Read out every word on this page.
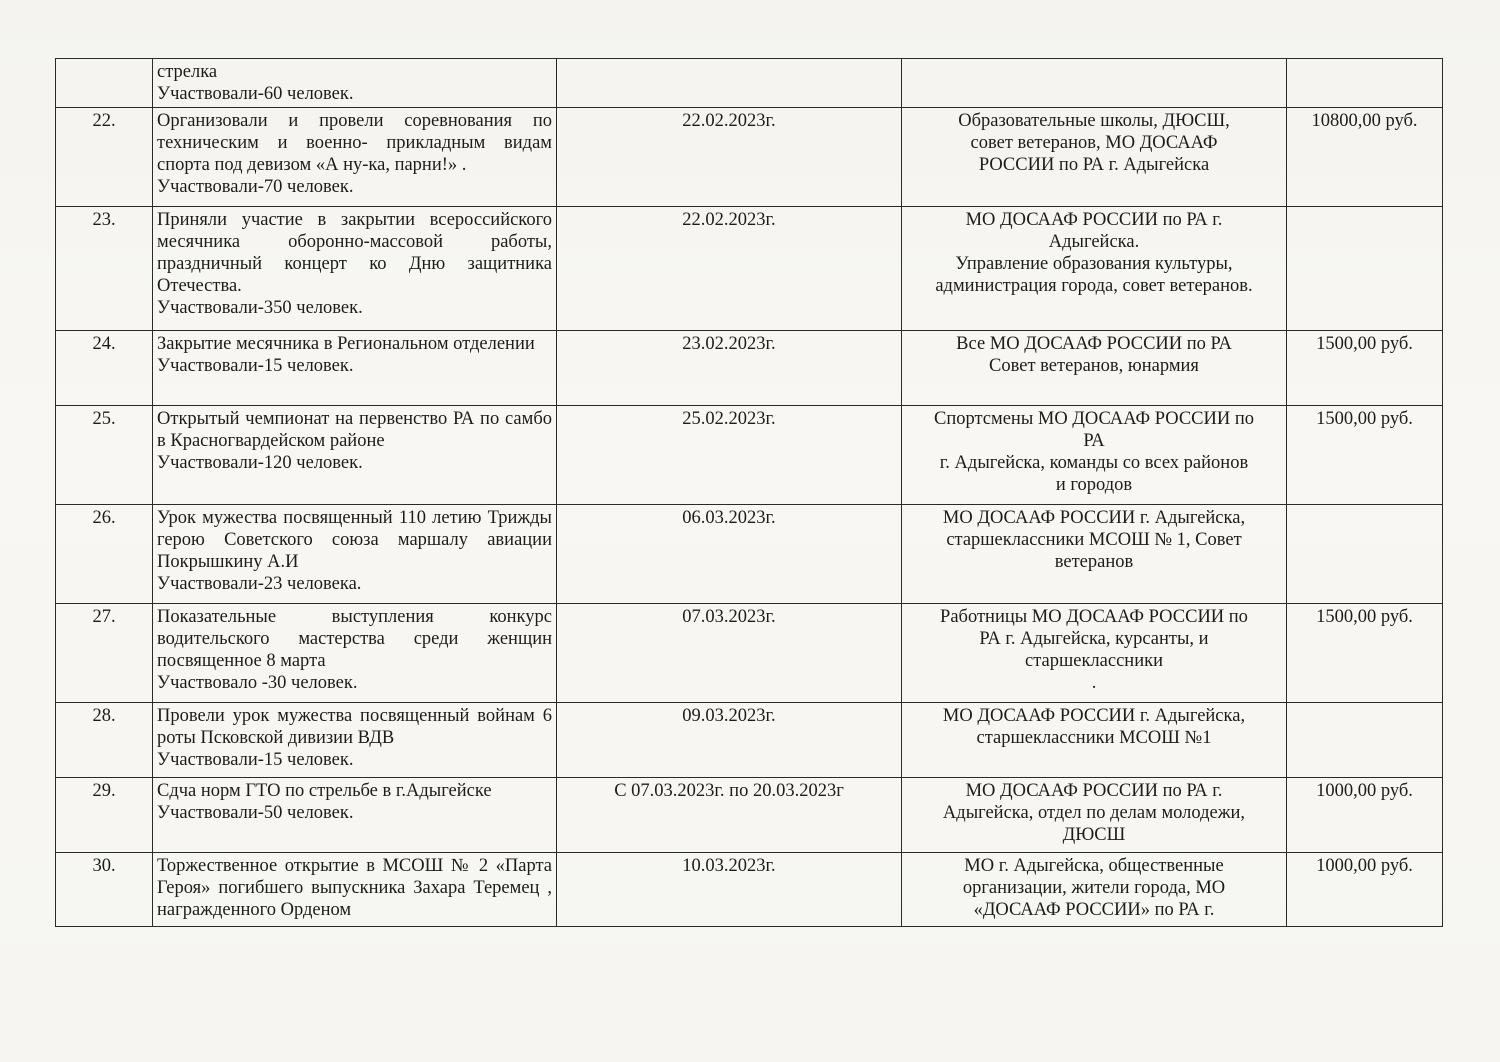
	стрелка
Участвовали-60 человек.			
22.	Организовали и провели соревнования по техническим и военно- прикладным видам спорта под девизом «А ну-ка, парни!» .
Участвовали-70 человек.	22.02.2023г.	Образовательные школы, ДЮСШ,
совет ветеранов, МО ДОСААФ
РОССИИ по РА г. Адыгейска	10800,00 руб.
23.	Приняли участие в закрытии всероссийского месячника оборонно-массовой работы, праздничный концерт ко Дню защитника Отечества.
Участвовали-350 человек.	22.02.2023г.	МО ДОСААФ РОССИИ по РА г.
Адыгейска.
Управление образования культуры,
администрация города, совет ветеранов.	
24.	Закрытие месячника в Региональном отделении
Участвовали-15 человек.	23.02.2023г.	Все МО ДОСААФ РОССИИ по РА
Совет ветеранов, юнармия	1500,00 руб.
25.	Открытый чемпионат на первенство РА по самбо в Красногвардейском районе
Участвовали-120 человек.	25.02.2023г.	Спортсмены МО ДОСААФ РОССИИ по
РА
г. Адыгейска, команды со всех районов
и городов	1500,00 руб.
26.	Урок мужества посвященный 110 летию Трижды герою Советского союза маршалу авиации Покрышкину А.И
Участвовали-23 человека.	06.03.2023г.	МО ДОСААФ РОССИИ г. Адыгейска,
старшеклассники МСОШ № 1, Совет
ветеранов	
27.	Показательные выступления конкурс водительского мастерства среди женщин посвященное 8 марта
Участвовало -30 человек.	07.03.2023г.	Работницы МО ДОСААФ РОССИИ по
РА г. Адыгейска, курсанты, и
старшеклассники
.	1500,00 руб.
28.	Провели урок мужества посвященный войнам 6 роты Псковской дивизии ВДВ
Участвовали-15 человек.	09.03.2023г.	МО ДОСААФ РОССИИ г. Адыгейска,
старшеклассники МСОШ №1	
29.	Сдча норм ГТО по стрельбе в г.Адыгейске
Участвовали-50 человек.	С 07.03.2023г. по 20.03.2023г	МО ДОСААФ РОССИИ по РА г.
Адыгейска, отдел по делам молодежи,
ДЮСШ	1000,00 руб.
30.	Торжественное открытие в МСОШ № 2 «Парта Героя» погибшего выпускника Захара Теремец , награжденного Орденом	10.03.2023г.	МО г. Адыгейска, общественные
организации, жители города, МО
«ДОСААФ РОССИИ» по РА г.	1000,00 руб.
